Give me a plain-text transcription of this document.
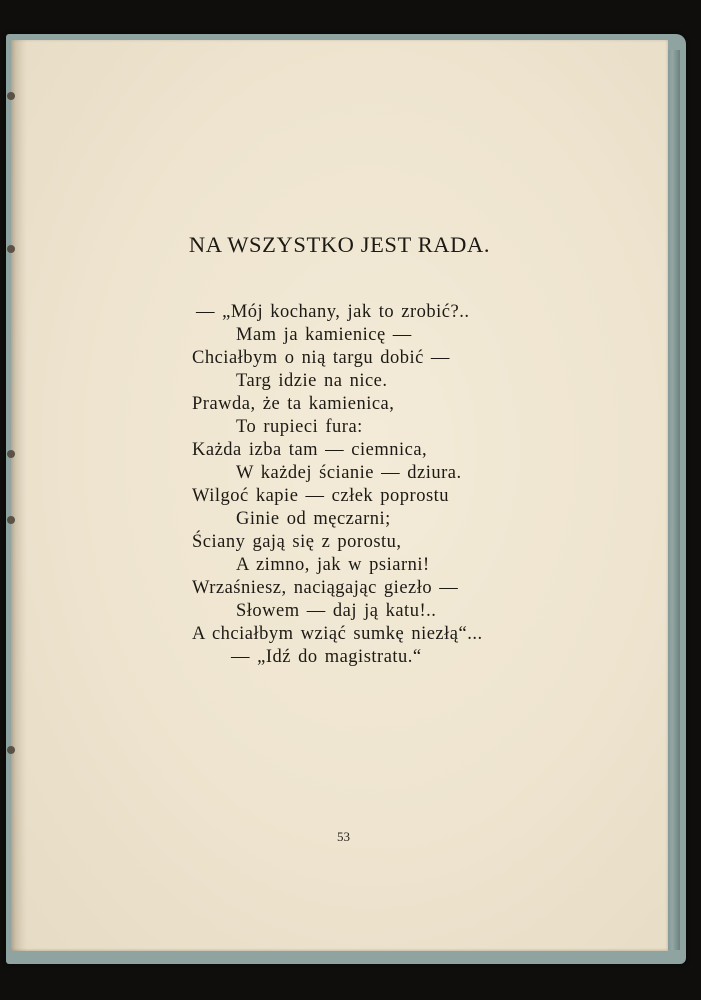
NA WSZYSTKO JEST RADA.
— „Mój kochany, jak to zrobić?..
Mam ja kamienicę —
Chciałbym o nią targu dobić —
Targ idzie na nice.
Prawda, że ta kamienica,
To rupieci fura:
Każda izba tam — ciemnica,
W każdej ścianie — dziura.
Wilgoć kapie — człek poprostu
Ginie od męczarni;
Ściany gają się z porostu,
A zimno, jak w psiarni!
Wrzaśniesz, naciągając giezło —
Słowem — daj ją katu!..
A chciałbym wziąć sumkę niezłą“...
— „Idź do magistratu.“
53
